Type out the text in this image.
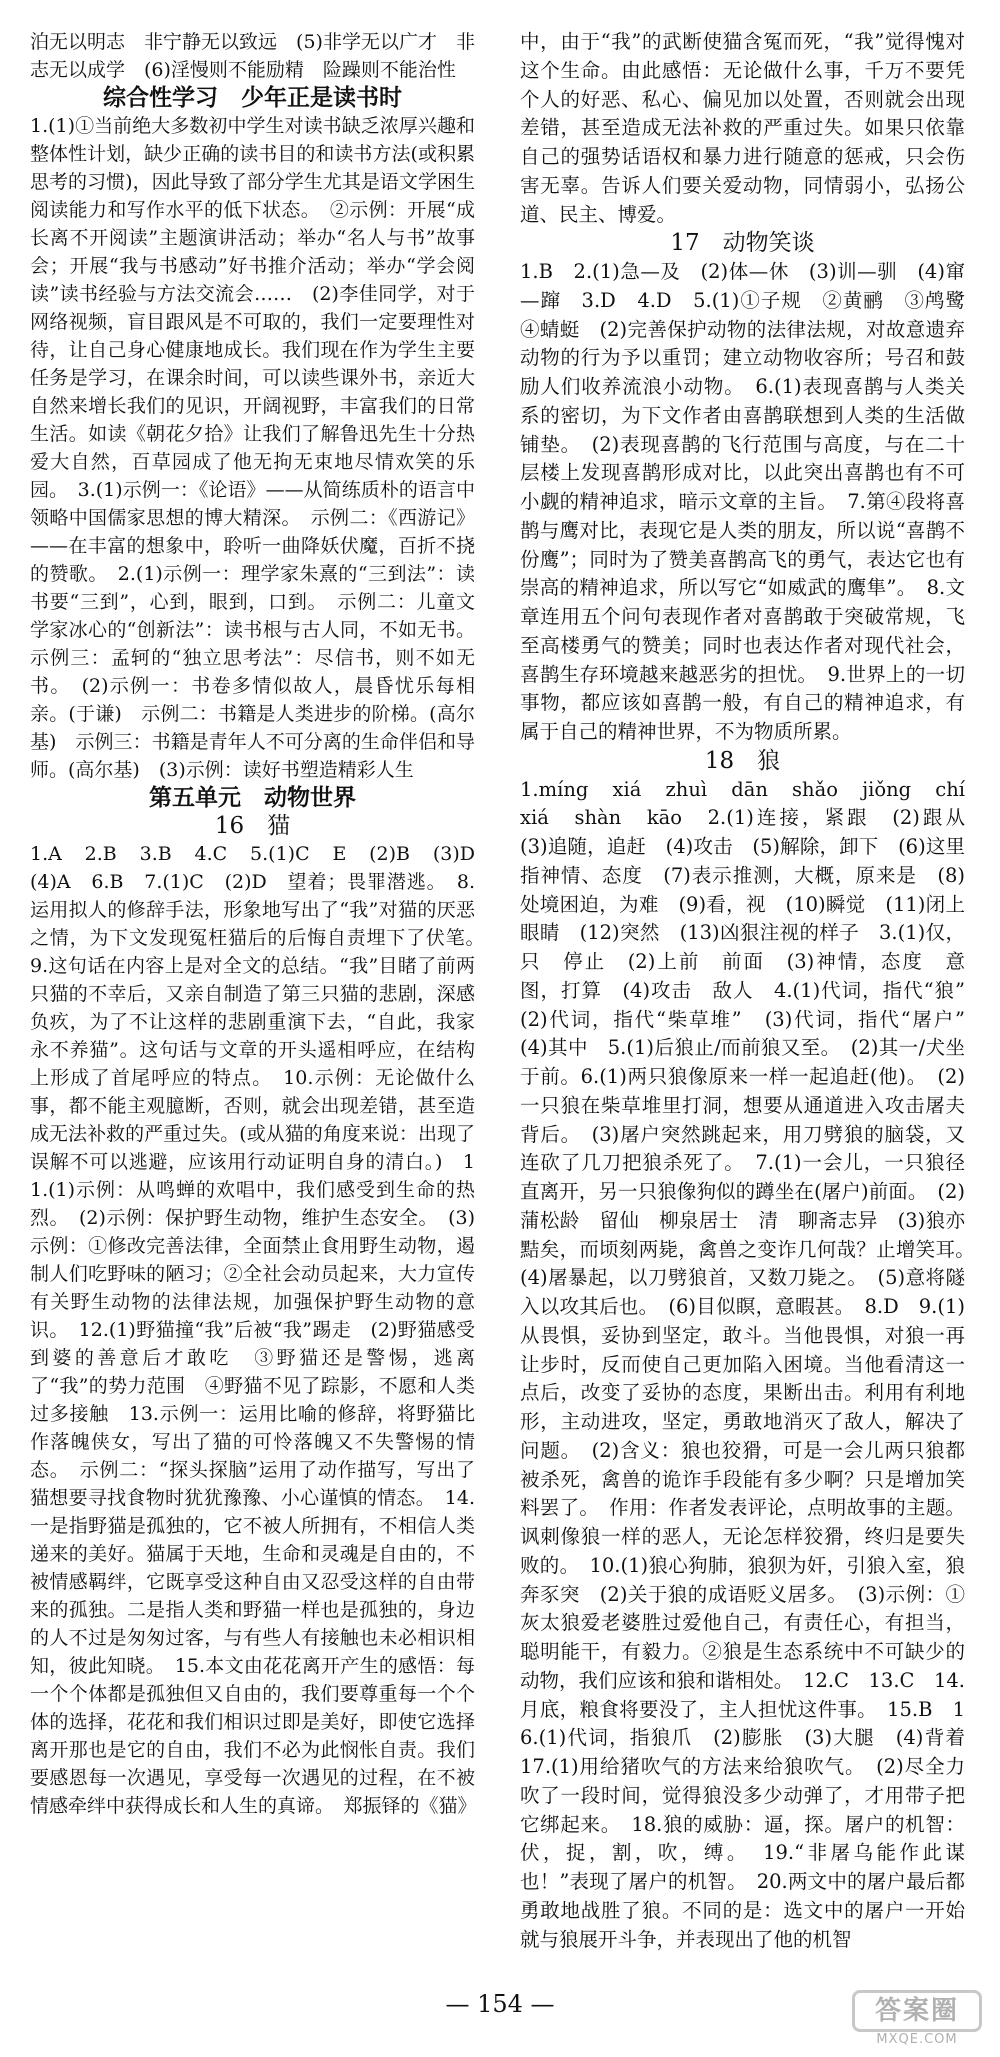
泊无以明志　非宁静无以致远　(5)非学无以广才　非志无以成学　(6)淫慢则不能励精　险躁则不能治性

综合性学习　少年正是读书时

1.(1)①当前绝大多数初中学生对读书缺乏浓厚兴趣和整体性计划，缺少正确的读书目的和读书方法(或积累思考的习惯)，因此导致了部分学生尤其是语文学困生阅读能力和写作水平的低下状态。　②示例：开展“成长离不开阅读”主题演讲活动；举办“名人与书”故事会；开展“我与书感动”好书推介活动；举办“学会阅读”读书经验与方法交流会……　(2)李佳同学，对于网络视频，盲目跟风是不可取的，我们一定要理性对待，让自己身心健康地成长。我们现在作为学生主要任务是学习，在课余时间，可以读些课外书，亲近大自然来增长我们的见识，开阔视野，丰富我们的日常生活。如读《朝花夕拾》让我们了解鲁迅先生十分热爱大自然，百草园成了他无拘无束地尽情欢笑的乐园。　3.(1)示例一：《论语》——从简练质朴的语言中领略中国儒家思想的博大精深。　示例二：《西游记》——在丰富的想象中，聆听一曲降妖伏魔，百折不挠的赞歌。　2.(1)示例一：理学家朱熹的“三到法”：读书要“三到”，心到，眼到，口到。　示例二：儿童文学家冰心的“创新法”：读书根与古人同，不如无书。示例三：孟轲的“独立思考法”：尽信书，则不如无书。　(2)示例一：书卷多情似故人，晨昏忧乐每相亲。(于谦)　示例二：书籍是人类进步的阶梯。(高尔基)　示例三：书籍是青年人不可分离的生命伴侣和导师。(高尔基)　(3)示例：读好书塑造精彩人生

第五单元　动物世界

16　猫

1.A　2.B　3.B　4.C　5.(1)C　E　(2)B　(3)D　(4)A　6.B　7.(1)C　(2)D　望着；畏罪潜逃。　8.运用拟人的修辞手法，形象地写出了“我”对猫的厌恶之情，为下文发现冤枉猫后的后悔自责埋下了伏笔。　9.这句话在内容上是对全文的总结。“我”目睹了前两只猫的不幸后，又亲自制造了第三只猫的悲剧，深感负疚，为了不让这样的悲剧重演下去，“自此，我家永不养猫”。这句话与文章的开头遥相呼应，在结构上形成了首尾呼应的特点。　10.示例：无论做什么事，都不能主观臆断，否则，就会出现差错，甚至造成无法补救的严重过失。(或从猫的角度来说：出现了误解不可以逃避，应该用行动证明自身的清白。)　11.(1)示例：从鸣蝉的欢唱中，我们感受到生命的热烈。　(2)示例：保护野生动物，维护生态安全。　(3)示例：①修改完善法律，全面禁止食用野生动物，遏制人们吃野味的陋习；②全社会动员起来，大力宣传有关野生动物的法律法规，加强保护野生动物的意识。　12.(1)野猫撞“我”后被“我”踢走　(2)野猫感受到婆的善意后才敢吃　③野猫还是警惕，逃离了“我”的势力范围　④野猫不见了踪影，不愿和人类过多接触　13.示例一：运用比喻的修辞，将野猫比作落魄侠女，写出了猫的可怜落魄又不失警惕的情态。　示例二：“探头探脑”运用了动作描写，写出了猫想要寻找食物时犹犹豫豫、小心谨慎的情态。　14.一是指野猫是孤独的，它不被人所拥有，不相信人类递来的美好。猫属于天地，生命和灵魂是自由的，不被情感羁绊，它既享受这种自由又忍受这样的自由带来的孤独。二是指人类和野猫一样也是孤独的，身边的人不过是匆匆过客，与有些人有接触也未必相识相知，彼此知晓。　15.本文由花花离开产生的感悟：每一个个体都是孤独但又自由的，我们要尊重每一个个体的选择，花花和我们相识过即是美好，即使它选择离开那也是它的自由，我们不必为此悯怅自责。我们要感恩每一次遇见，享受每一次遇见的过程，在不被情感牵绊中获得成长和人生的真谛。　郑振铎的《猫》

中，由于“我”的武断使猫含冤而死，“我”觉得愧对这个生命。由此感悟：无论做什么事，千万不要凭个人的好恶、私心、偏见加以处置，否则就会出现差错，甚至造成无法补救的严重过失。如果只依靠自己的强势话语权和暴力进行随意的惩戒，只会伤害无辜。告诉人们要关爱动物，同情弱小，弘扬公道、民主、博爱。

17　动物笑谈

1.B　2.(1)急—及　(2)体—休　(3)训—驯　(4)窜—蹿　3.D　4.D　5.(1)①子规　②黄鹂　③鸬鹭　④蜻蜓　(2)完善保护动物的法律法规，对故意遗弃动物的行为予以重罚；建立动物收容所；号召和鼓励人们收养流浪小动物。　6.(1)表现喜鹊与人类关系的密切，为下文作者由喜鹊联想到人类的生活做铺垫。　(2)表现喜鹊的飞行范围与高度，与在二十层楼上发现喜鹊形成对比，以此突出喜鹊也有不可小觑的精神追求，暗示文章的主旨。　7.第④段将喜鹊与鹰对比，表现它是人类的朋友，所以说“喜鹊不份鹰”；同时为了赞美喜鹊高飞的勇气，表达它也有崇高的精神追求，所以写它“如威武的鹰隼”。　8.文章连用五个问句表现作者对喜鹊敢于突破常规，飞至高楼勇气的赞美；同时也表达作者对现代社会，喜鹊生存环境越来越恶劣的担忧。　9.世界上的一切事物，都应该如喜鹊一般，有自己的精神追求，有属于自己的精神世界，不为物质所累。

18　狼

1.míng　xiá　zhuì　dān　shǎo　jiǒng　chí　xiá　shàn　kāo　2.(1)连接，紧跟　(2)跟从　(3)追随，追赶　(4)攻击　(5)解除，卸下　(6)这里指神情、态度　(7)表示推测，大概，原来是　(8)处境困迫，为难　(9)看，视　(10)瞬觉　(11)闭上眼睛　(12)突然　(13)凶狠注视的样子　3.(1)仅，只　停止　(2)上前　前面　(3)神情，态度　意图，打算　(4)攻击　敌人　4.(1)代词，指代“狼”　(2)代词，指代“柴草堆”　(3)代词，指代“屠户”　(4)其中　5.(1)后狼止/而前狼又至。　(2)其一/犬坐于前。6.(1)两只狼像原来一样一起追赶(他)。　(2)一只狼在柴草堆里打洞，想要从通道进入攻击屠夫背后。　(3)屠户突然跳起来，用刀劈狼的脑袋，又连砍了几刀把狼杀死了。　7.(1)一会儿，一只狼径直离开，另一只狼像狗似的蹲坐在(屠户)前面。　(2)蒲松龄　留仙　柳泉居士　清　聊斋志异　(3)狼亦黠矣，而顷刻两毙，禽兽之变诈几何哉？止增笑耳。　(4)屠暴起，以刀劈狼首，又数刀毙之。　(5)意将隧入以攻其后也。　(6)目似瞑，意暇甚。　8.D　9.(1)从畏惧，妥协到坚定，敢斗。当他畏惧，对狼一再让步时，反而使自己更加陷入困境。当他看清这一点后，改变了妥协的态度，果断出击。利用有利地形，主动进攻，坚定，勇敢地消灭了敌人，解决了问题。　(2)含义：狼也狡猾，可是一会儿两只狼都被杀死，禽兽的诡诈手段能有多少啊？只是增加笑料罢了。　作用：作者发表评论，点明故事的主题。讽刺像狼一样的恶人，无论怎样狡猾，终归是要失败的。　10.(1)狼心狗肺，狼狈为奸，引狼入室，狼奔豕突　(2)关于狼的成语贬义居多。　(3)示例：①灰太狼爱老婆胜过爱他自己，有责任心，有担当，聪明能干，有毅力。②狼是生态系统中不可缺少的动物，我们应该和狼和谐相处。　12.C　13.C　14.月底，粮食将要没了，主人担忧这件事。　15.B　16.(1)代词，指狼爪　(2)膨胀　(3)大腿　(4)背着　17.(1)用给猪吹气的方法来给狼吹气。　(2)尽全力吹了一段时间，觉得狼没多少动弹了，才用带子把它绑起来。　18.狼的威胁：逼，探。屠户的机智：伏，捉，割，吹，缚。　19.“非屠乌能作此谋也！”表现了屠户的机智。　20.两文中的屠户最后都勇敢地战胜了狼。不同的是：选文中的屠户一开始就与狼展开斗争，并表现出了他的机智

— 154 —	答案圈
MXQE.COM
